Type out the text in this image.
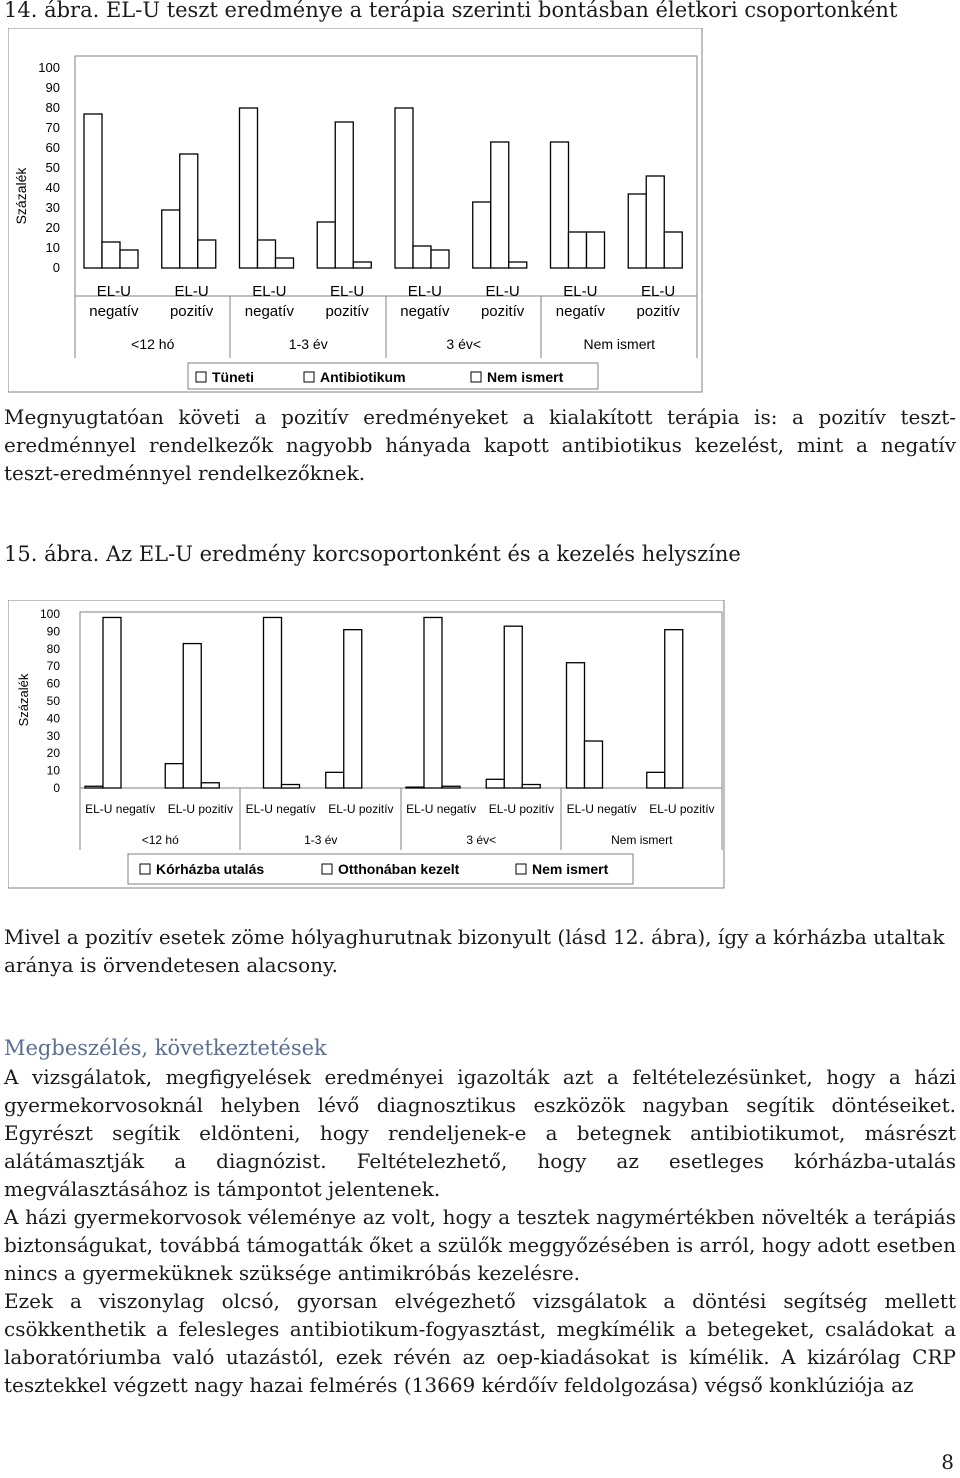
14. ábra. EL-U teszt eredménye a terápia szerinti bontásban életkori csoportonként
Százalék
100
90
80
70
60
50
40
30
20
10
0
EL-U
negatív
EL-U
pozitív
EL-U
negatív
EL-U
pozitív
EL-U
negatív
EL-U
pozitív
EL-U
negatív
EL-U
pozitív
<12 hó	1-3 év	3 év<	Nem ismert
Tüneti	Antibiotikum	Nem ismert

Megnyugtatóan követi a pozitív eredményeket a kialakított terápia is: a pozitív teszt-eredménnyel rendelkezők nagyobb hányada kapott antibiotikus kezelést, mint a negatív teszt-eredménnyel rendelkezőknek.

15. ábra. Az EL-U eredmény korcsoportonként és a kezelés helyszíne
Százalék
100
90
80
70
60
50
40
30
20
10
0
EL-U negatív EL-U pozitív EL-U negatív EL-U pozitív EL-U negatív EL-U pozitív EL-U negatív EL-U pozitív
<12 hó	1-3 év	3 év<	Nem ismert
Kórházba utalás	Otthonában kezelt	Nem ismert

Mivel a pozitív esetek zöme hólyaghurutnak bizonyult (lásd 12. ábra), így a kórházba utaltak aránya is örvendetesen alacsony.

Megbeszélés, következtetések

A vizsgálatok, megfigyelések eredményei igazolták azt a feltételezésünket, hogy a házi gyermekorvosoknál helyben lévő diagnosztikus eszközök nagyban segítik döntéseiket. Egyrészt segítik eldönteni, hogy rendeljenek-e a betegnek antibiotikumot, másrészt alátámasztják a diagnózist. Feltételezhető, hogy az esetleges kórházba-utalás megválasztásához is támpontot jelentenek.

A házi gyermekorvosok véleménye az volt, hogy a tesztek nagymértékben növelték a terápiás biztonságukat, továbbá támogatták őket a szülők meggyőzésében is arról, hogy adott esetben nincs a gyermeküknek szüksége antimikróbás kezelésre.

Ezek a viszonylag olcsó, gyorsan elvégezhető vizsgálatok a döntési segítség mellett csökkenthetik a felesleges antibiotikum-fogyasztást, megkímélik a betegeket, családokat a laboratóriumba való utazástól, ezek révén az oep-kiadásokat is kímélik. A kizárólag CRP tesztekkel végzett nagy hazai felmérés (13669 kérdőív feldolgozása) végső konklúziója az

8
